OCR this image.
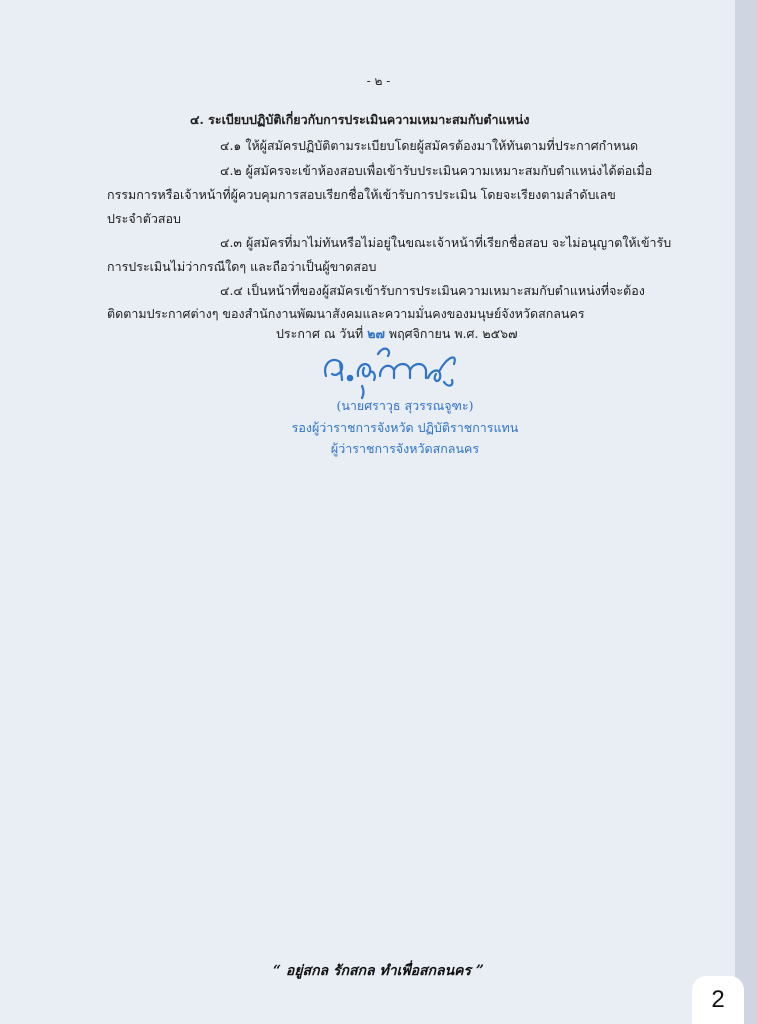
- ๒ -
๔. ระเบียบปฏิบัติเกี่ยวกับการประเมินความเหมาะสมกับตำแหน่ง
๔.๑ ให้ผู้สมัครปฏิบัติตามระเบียบโดยผู้สมัครต้องมาให้ทันตามที่ประกาศกำหนด
๔.๒ ผู้สมัครจะเข้าห้องสอบเพื่อเข้ารับประเมินความเหมาะสมกับตำแหน่งได้ต่อเมื่อ
กรรมการหรือเจ้าหน้าที่ผู้ควบคุมการสอบเรียกชื่อให้เข้ารับการประเมิน โดยจะเรียงตามลำดับเลข
ประจำตัวสอบ
๔.๓ ผู้สมัครที่มาไม่ทันหรือไม่อยู่ในขณะเจ้าหน้าที่เรียกชื่อสอบ จะไม่อนุญาตให้เข้ารับ
การประเมินไม่ว่ากรณีใดๆ และถือว่าเป็นผู้ขาดสอบ
๔.๔ เป็นหน้าที่ของผู้สมัครเข้ารับการประเมินความเหมาะสมกับตำแหน่งที่จะต้อง
ติดตามประกาศต่างๆ ของสำนักงานพัฒนาสังคมและความมั่นคงของมนุษย์จังหวัดสกลนคร
ประกาศ ณ วันที่ ๒๗ พฤศจิกายน พ.ศ. ๒๕๖๗
(นายศราวุธ สุวรรณจูฑะ)
รองผู้ว่าราชการจังหวัด ปฏิบัติราชการแทน
ผู้ว่าราชการจังหวัดสกลนคร
“ อยู่สกล รักสกล ทำเพื่อสกลนคร ”
2
